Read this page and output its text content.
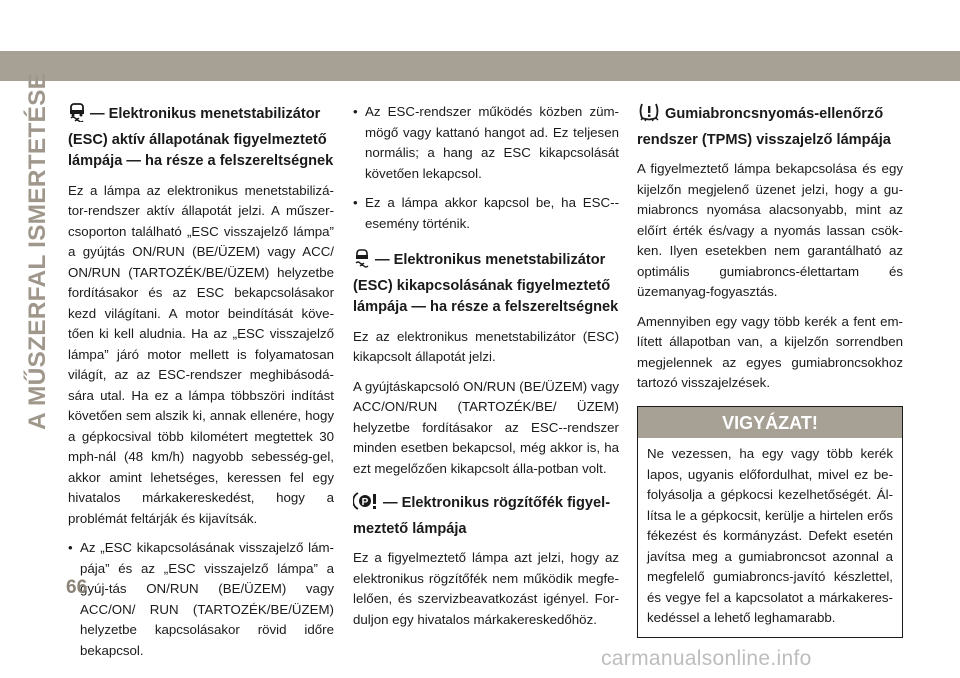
A MŰSZERFAL ISMERTETÉSE	— Elektronikus menetstabilizátor (ESC) aktív állapotának figyelmeztető lámpája — ha része a felszereltségnek

Ez a lámpa az elektronikus menetstabilizá-tor-rendszer aktív állapotát jelzi. A műszer-csoporton található „ESC visszajelző lámpa” a gyújtás ON/RUN (BE/ÜZEM) vagy ACC/ ON/RUN (TARTOZÉK/BE/ÜZEM) helyzetbe fordításakor és az ESC bekapcsolásakor kezd világítani. A motor beindítását köve-tően ki kell aludnia. Ha az „ESC visszajelző lámpa” járó motor mellett is folyamatosan világít, az az ESC-rendszer meghibásodá-sára utal. Ha ez a lámpa többszöri indítást követően sem alszik ki, annak ellenére, hogy a gépkocsival több kilométert megtettek 30 mph-nál (48 km/h) nagyobb sebesség-gel, akkor amint lehetséges, keressen fel egy hivatalos márkakereskedést, hogy a problémát feltárják és kijavítsák.

• Az „ESC kikapcsolásának visszajelző lám-pája” és az „ESC visszajelző lámpa” a gyúj-tás ON/RUN (BE/ÜZEM) vagy ACC/ON/ RUN (TARTOZÉK/BE/ÜZEM) helyzetbe kapcsolásakor rövid időre bekapcsol.
• Az ESC-rendszer működés közben züm-mögő vagy kattanó hangot ad. Ez teljesen normális; a hang az ESC kikapcsolását követően lekapcsol.
• Ez a lámpa akkor kapcsol be, ha ESC--esemény történik.
— Elektronikus menetstabilizátor (ESC) kikapcsolásának figyelmeztető lámpája — ha része a felszereltségnek

Ez az elektronikus menetstabilizátor (ESC) kikapcsolt állapotát jelzi.

A gyújtáskapcsoló ON/RUN (BE/ÜZEM) vagy ACC/ON/RUN (TARTOZÉK/BE/ ÜZEM) helyzetbe fordításakor az ESC--rendszer minden esetben bekapcsol, még akkor is, ha ezt megelőzően kikapcsolt álla-potban volt.

P — Elektronikus rögzítőfék figyel-meztető lámpája

Ez a figyelmeztető lámpa azt jelzi, hogy az elektronikus rögzítőfék nem működik megfe-lelően, és szervizbeavatkozást igényel. For-duljon egy hivatalos márkakereskedőhöz.

Gumiabroncsnyomás-ellenőrző rendszer (TPMS) visszajelző lámpája

A figyelmeztető lámpa bekapcsolása és egy kijelzőn megjelenő üzenet jelzi, hogy a gu-miabroncs nyomása alacsonyabb, mint az előírt érték és/vagy a nyomás lassan csök-ken. Ilyen esetekben nem garantálható az optimális gumiabroncs-élettartam és üzemanyag-fogyasztás.

Amennyiben egy vagy több kerék a fent em-lített állapotban van, a kijelzőn sorrendben megjelennek az egyes gumiabroncsokhoz tartozó visszajelzések.

VIGYÁZAT!

Ne vezessen, ha egy vagy több kerék lapos, ugyanis előfordulhat, mivel ez be-folyásolja a gépkocsi kezelhetőségét. Ál-lítsa le a gépkocsit, kerülje a hirtelen erős fékezést és kormányzást. Defekt esetén javítsa meg a gumiabroncsot azonnal a megfelelő gumiabroncs-javító készlettel, és vegye fel a kapcsolatot a márkakeres-kedéssel a lehető leghamarabb.

66
carmanualsonline.info
